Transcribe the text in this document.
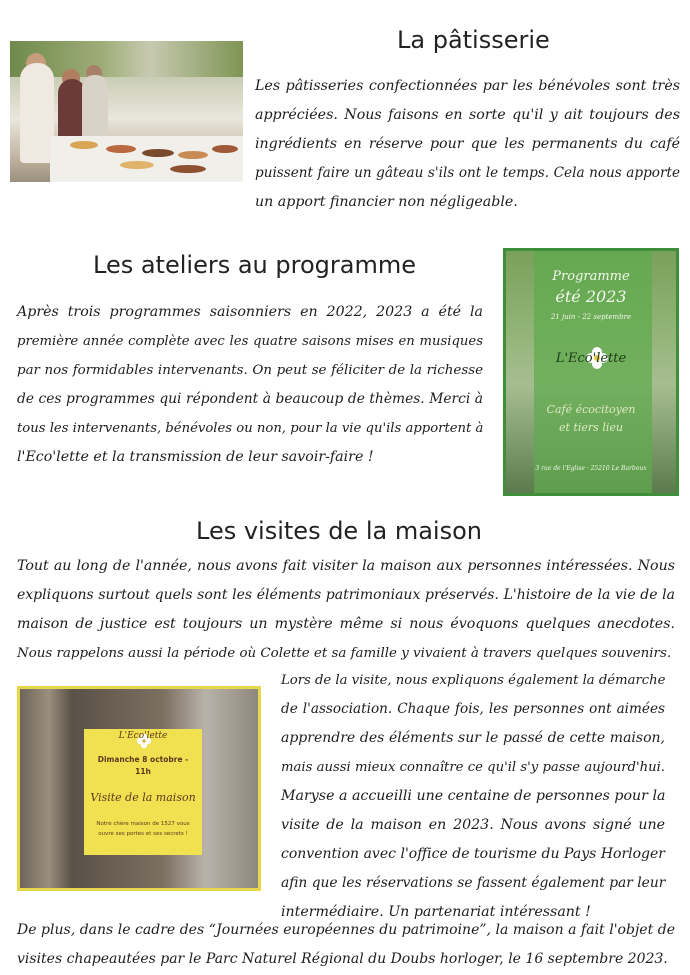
La pâtisserie
Les pâtisseries confectionnées par les bénévoles sont très
appréciées. Nous faisons en sorte qu'il y ait toujours des
ingrédients en réserve pour que les permanents du café
puissent faire un gâteau s'ils ont le temps. Cela nous apporte
un apport financier non négligeable.
Les ateliers au programme
Après trois programmes saisonniers en 2022, 2023 a été la
première année complète avec les quatre saisons mises en musiques
par nos formidables intervenants. On peut se féliciter de la richesse
de ces programmes qui répondent à beaucoup de thèmes. Merci à
tous les intervenants, bénévoles ou non, pour la vie qu'ils apportent à
l'Eco'lette et la transmission de leur savoir-faire !
Programme
été 2023
21 juin - 22 septembre
L'Eco'lette
Café écocitoyen
et tiers lieu
3 rue de l'Eglise · 25210 Le Barboux
Les visites de la maison
Tout au long de l'année, nous avons fait visiter la maison aux personnes intéressées. Nous
expliquons surtout quels sont les éléments patrimoniaux préservés. L'histoire de la vie de la
maison de justice est toujours un mystère même si nous évoquons quelques anecdotes.
Nous rappelons aussi la période où Colette et sa famille y vivaient à travers quelques souvenirs.
L'Eco'lette
Dimanche 8 octobre -
11h
Visite de la maison
Notre chère maison de 1527 vous
ouvre ses portes et ses secrets !
Lors de la visite, nous expliquons également la démarche
de l'association. Chaque fois, les personnes ont aimées
apprendre des éléments sur le passé de cette maison,
mais aussi mieux connaître ce qu'il s'y passe aujourd'hui.
Maryse a accueilli une centaine de personnes pour la
visite de la maison en 2023. Nous avons signé une
convention avec l'office de tourisme du Pays Horloger
afin que les réservations se fassent également par leur
intermédiaire. Un partenariat intéressant !
De plus, dans le cadre des “Journées européennes du patrimoine”, la maison a fait l'objet de
visites chapeautées par le Parc Naturel Régional du Doubs horloger, le 16 septembre 2023.
